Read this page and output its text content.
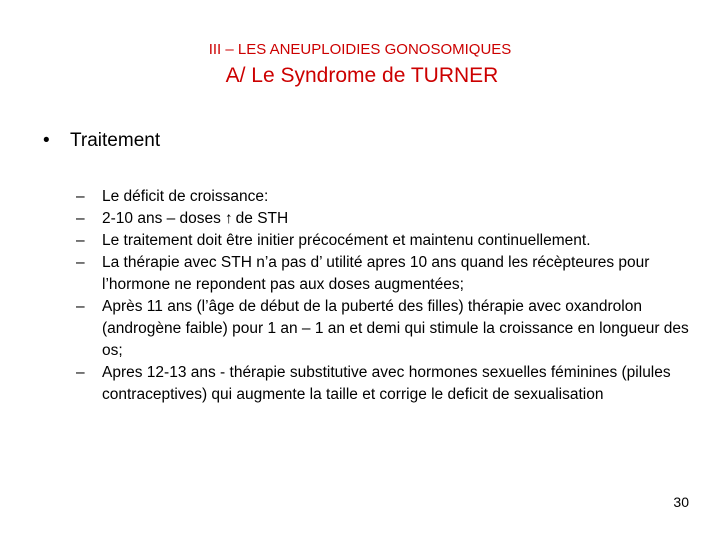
III – LES ANEUPLOIDIES GONOSOMIQUES
A/ Le Syndrome de TURNER
•	Traitement
–	Le déficit de croissance:
–	2-10 ans – doses ↑ de STH
–	Le traitement doit être initier précocément et maintenu continuellement.
–	La thérapie avec STH n’a pas d’ utilité apres 10 ans quand les récèpteures pour l’hormone ne repondent pas aux doses augmentées;
–	Après 11 ans (l’âge de début de la puberté des filles) thérapie avec oxandrolon (androgène faible) pour 1 an – 1 an et demi qui stimule la croissance en longueur des os;
–	Apres 12-13 ans - thérapie substitutive avec hormones sexuelles féminines (pilules contraceptives) qui augmente la taille et corrige le deficit de sexualisation
30
